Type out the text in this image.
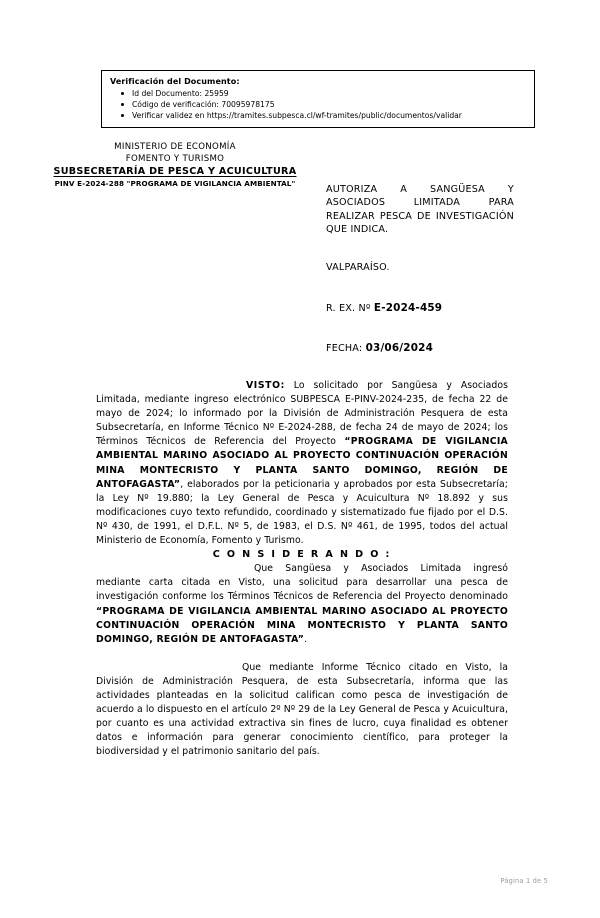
Verificación del Documento:
Id del Documento: 25959
Código de verificación: 70095978175
Verificar validez en https://tramites.subpesca.cl/wf-tramites/public/documentos/validar
MINISTERIO DE ECONOMÍA
FOMENTO Y TURISMO
SUBSECRETARÍA DE PESCA Y ACUICULTURA
PINV E-2024-288 "PROGRAMA DE VIGILANCIA AMBIENTAL"
AUTORIZA A SANGÜESA Y ASOCIADOS LIMITADA PARA REALIZAR PESCA DE INVESTIGACIÓN QUE INDICA.
VALPARAÍSO.
R. EX. Nº E-2024-459
FECHA: 03/06/2024

VISTO: Lo solicitado por Sangüesa y Asociados Limitada, mediante ingreso electrónico SUBPESCA E-PINV-2024-235, de fecha 22 de mayo de 2024; lo informado por la División de Administración Pesquera de esta Subsecretaría, en Informe Técnico Nº E-2024-288, de fecha 24 de mayo de 2024; los Términos Técnicos de Referencia del Proyecto “PROGRAMA DE VIGILANCIA AMBIENTAL MARINO ASOCIADO AL PROYECTO CONTINUACIÓN OPERACIÓN MINA MONTECRISTO Y PLANTA SANTO DOMINGO, REGIÓN DE ANTOFAGASTA”, elaborados por la peticionaria y aprobados por esta Subsecretaría; la Ley Nº 19.880; la Ley General de Pesca y Acuicultura Nº 18.892 y sus modificaciones cuyo texto refundido, coordinado y sistematizado fue fijado por el D.S. Nº 430, de 1991, el D.F.L. Nº 5, de 1983, el D.S. Nº 461, de 1995, todos del actual Ministerio de Economía, Fomento y Turismo.

C O N S I D E R A N D O :

Que Sangüesa y Asociados Limitada ingresó mediante carta citada en Visto, una solicitud para desarrollar una pesca de investigación conforme los Términos Técnicos de Referencia del Proyecto denominado “PROGRAMA DE VIGILANCIA AMBIENTAL MARINO ASOCIADO AL PROYECTO CONTINUACIÓN OPERACIÓN MINA MONTECRISTO Y PLANTA SANTO DOMINGO, REGIÓN DE ANTOFAGASTA”.

Que mediante Informe Técnico citado en Visto, la División de Administración Pesquera, de esta Subsecretaría, informa que las actividades planteadas en la solicitud califican como pesca de investigación de acuerdo a lo dispuesto en el artículo 2º Nº 29 de la Ley General de Pesca y Acuicultura, por cuanto es una actividad extractiva sin fines de lucro, cuya finalidad es obtener datos e información para generar conocimiento científico, para proteger la biodiversidad y el patrimonio sanitario del país.

Página 1 de 5
